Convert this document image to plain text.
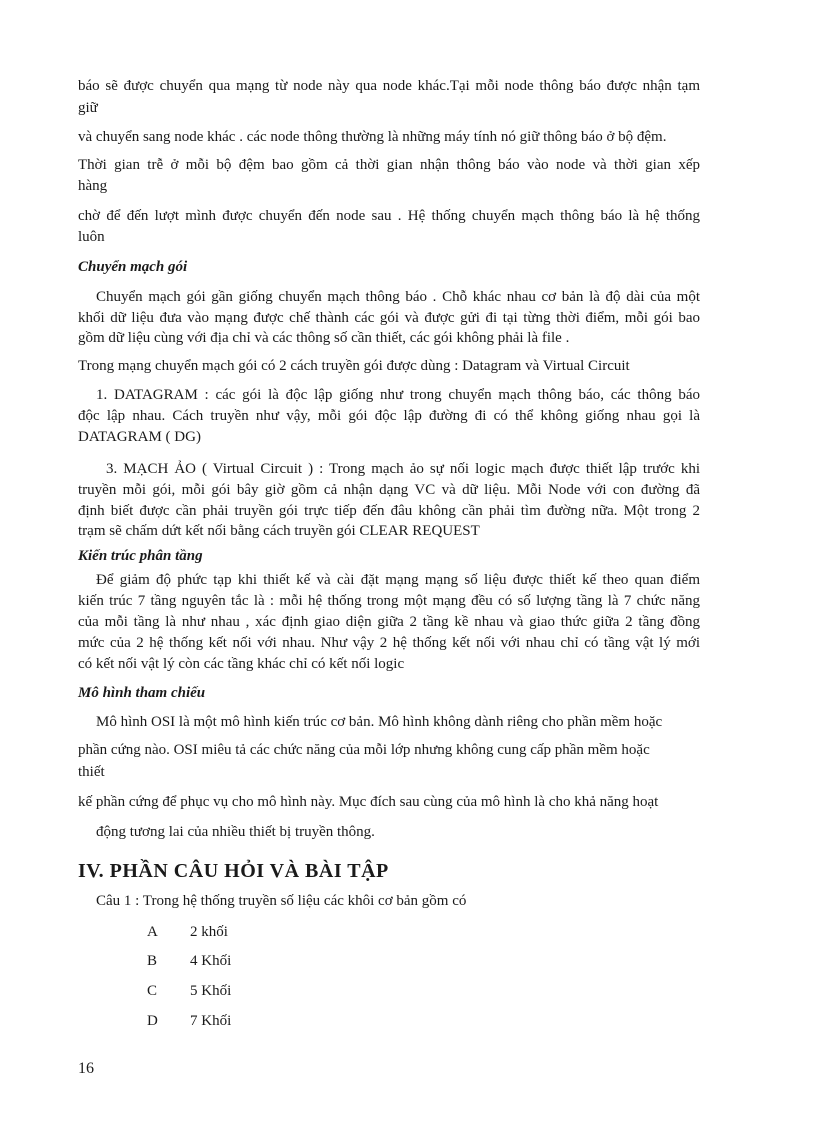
báo sẽ được chuyển qua mạng từ node này qua node khác.Tại mỗi node thông báo được nhận tạm
giữ
và chuyển sang node khác . các node thông thường là những máy tính nó giữ thông báo ở bộ đệm.
Thời gian trễ ở mỗi bộ đệm bao gồm cả thời gian nhận thông báo vào node và thời gian xếp
hàng
chờ để đến lượt mình được chuyển đến node sau . Hệ thống chuyển mạch thông báo là hệ thống
luôn
Chuyển mạch gói
Chuyển mạch gói gần giống chuyển mạch thông báo . Chỗ khác nhau cơ bản là độ dài của một
khối dữ liệu đưa vào mạng được chế thành các gói và được gửi đi tại từng thời điểm, mỗi gói bao
gồm dữ liệu cùng với địa chỉ và các thông số cần thiết, các gói không phải là file .
Trong mạng chuyển mạch gói có 2 cách truyền gói được dùng : Datagram và Virtual Circuit
1. DATAGRAM : các gói là độc lập giống như trong chuyển mạch thông báo, các thông báo
độc lập nhau. Cách truyền như vậy, mỗi gói độc lập đường đi có thể không giống nhau gọi là
DATAGRAM ( DG)
3. MẠCH ẢO ( Virtual Circuit ) : Trong mạch ảo sự nối logic mạch được thiết lập trước khi
truyền mỗi gói, mỗi gói bây giờ gồm cả nhận dạng VC và dữ liệu. Mỗi Node với con đường đã
định biết được cần phải truyền gói trực tiếp đến đâu không cần phải tìm đường nữa. Một trong 2
trạm sẽ chấm dứt kết nối bằng cách truyền gói CLEAR REQUEST
Kiến trúc phân tầng
Để giảm độ phức tạp khi thiết kế và cài đặt mạng mạng số liệu được thiết kế theo quan điểm
kiến trúc 7 tầng nguyên tắc là : mỗi hệ thống trong một mạng đều có số lượng tầng là 7 chức năng
của mỗi tầng là như nhau , xác định giao diện giữa 2 tầng kề nhau và giao thức giữa 2 tầng đồng
mức của 2 hệ thống kết nối với nhau. Như vậy 2 hệ thống kết nối với nhau chỉ có tầng vật lý mới
có kết nối vật lý còn các tầng khác chỉ có kết nối logic
Mô hình tham chiếu
Mô hình OSI là một mô hình kiến trúc cơ bản. Mô hình không dành riêng cho phần mềm hoặc
phần cứng nào. OSI miêu tả các chức năng của mỗi lớp nhưng không cung cấp phần mềm hoặc
thiết
kế phần cứng để phục vụ cho mô hình này. Mục đích sau cùng của mô hình là cho khả năng hoạt
động tương lai của nhiều thiết bị truyền thông.
IV. PHẦN CÂU HỎI VÀ BÀI TẬP
Câu 1 : Trong hệ thống truyền số liệu các khôi cơ bản gồm có
A 2 khối
B 4 Khối
C 5 Khối
D 7 Khối
16
